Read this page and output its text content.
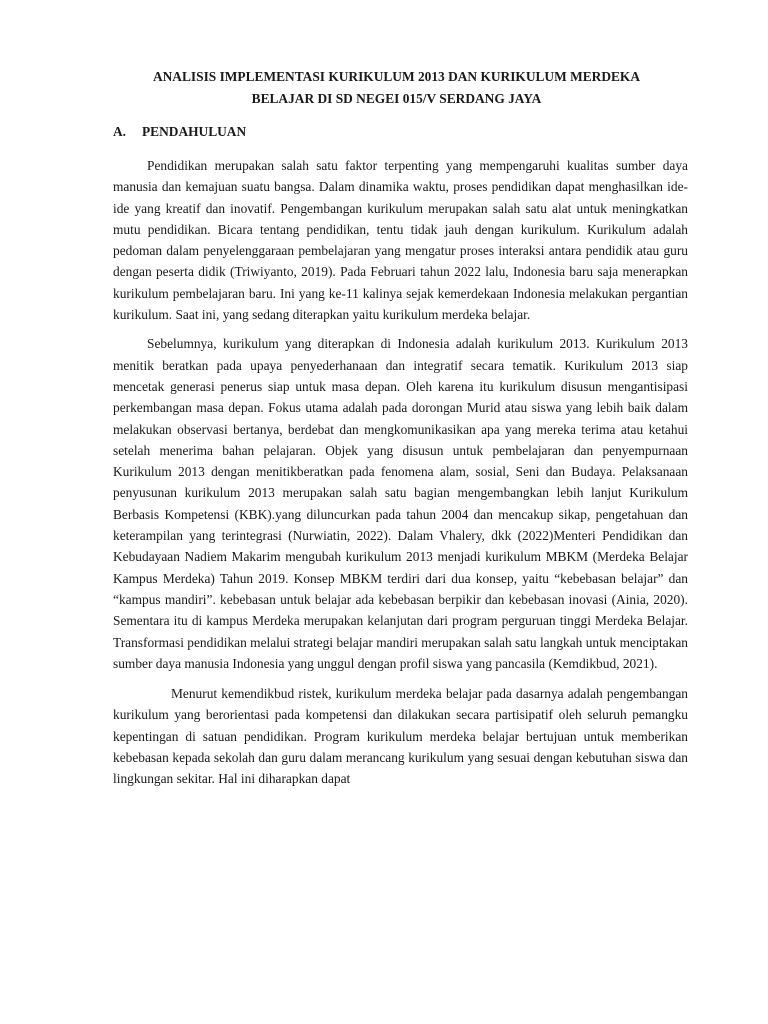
ANALISIS IMPLEMENTASI KURIKULUM 2013 DAN KURIKULUM MERDEKA
BELAJAR DI SD NEGEI 015/V SERDANG JAYA
A. PENDAHULUAN

Pendidikan merupakan salah satu faktor terpenting yang mempengaruhi kualitas sumber daya manusia dan kemajuan suatu bangsa. Dalam dinamika waktu, proses pendidikan dapat menghasilkan ide-ide yang kreatif dan inovatif. Pengembangan kurikulum merupakan salah satu alat untuk meningkatkan mutu pendidikan. Bicara tentang pendidikan, tentu tidak jauh dengan kurikulum. Kurikulum adalah pedoman dalam penyelenggaraan pembelajaran yang mengatur proses interaksi antara pendidik atau guru dengan peserta didik (Triwiyanto, 2019). Pada Februari tahun 2022 lalu, Indonesia baru saja menerapkan kurikulum pembelajaran baru. Ini yang ke-11 kalinya sejak kemerdekaan Indonesia melakukan pergantian kurikulum. Saat ini, yang sedang diterapkan yaitu kurikulum merdeka belajar.

Sebelumnya, kurikulum yang diterapkan di Indonesia adalah kurikulum 2013. Kurikulum 2013 menitik beratkan pada upaya penyederhanaan dan integratif secara tematik. Kurikulum 2013 siap mencetak generasi penerus siap untuk masa depan. Oleh karena itu kurikulum disusun mengantisipasi perkembangan masa depan. Fokus utama adalah pada dorongan Murid atau siswa yang lebih baik dalam melakukan observasi bertanya, berdebat dan mengkomunikasikan apa yang mereka terima atau ketahui setelah menerima bahan pelajaran. Objek yang disusun untuk pembelajaran dan penyempurnaan Kurikulum 2013 dengan menitikberatkan pada fenomena alam, sosial, Seni dan Budaya. Pelaksanaan penyusunan kurikulum 2013 merupakan salah satu bagian mengembangkan lebih lanjut Kurikulum Berbasis Kompetensi (KBK).yang diluncurkan pada tahun 2004 dan mencakup sikap, pengetahuan dan keterampilan yang terintegrasi (Nurwiatin, 2022). Dalam Vhalery, dkk (2022)Menteri Pendidikan dan Kebudayaan Nadiem Makarim mengubah kurikulum 2013 menjadi kurikulum MBKM (Merdeka Belajar Kampus Merdeka) Tahun 2019. Konsep MBKM terdiri dari dua konsep, yaitu “kebebasan belajar” dan “kampus mandiri”. kebebasan untuk belajar ada kebebasan berpikir dan kebebasan inovasi (Ainia, 2020). Sementara itu di kampus Merdeka merupakan kelanjutan dari program perguruan tinggi Merdeka Belajar. Transformasi pendidikan melalui strategi belajar mandiri merupakan salah satu langkah untuk menciptakan sumber daya manusia Indonesia yang unggul dengan profil siswa yang pancasila (Kemdikbud, 2021).

Menurut kemendikbud ristek, kurikulum merdeka belajar pada dasarnya adalah pengembangan kurikulum yang berorientasi pada kompetensi dan dilakukan secara partisipatif oleh seluruh pemangku kepentingan di satuan pendidikan. Program kurikulum merdeka belajar bertujuan untuk memberikan kebebasan kepada sekolah dan guru dalam merancang kurikulum yang sesuai dengan kebutuhan siswa dan lingkungan sekitar. Hal ini diharapkan dapat
